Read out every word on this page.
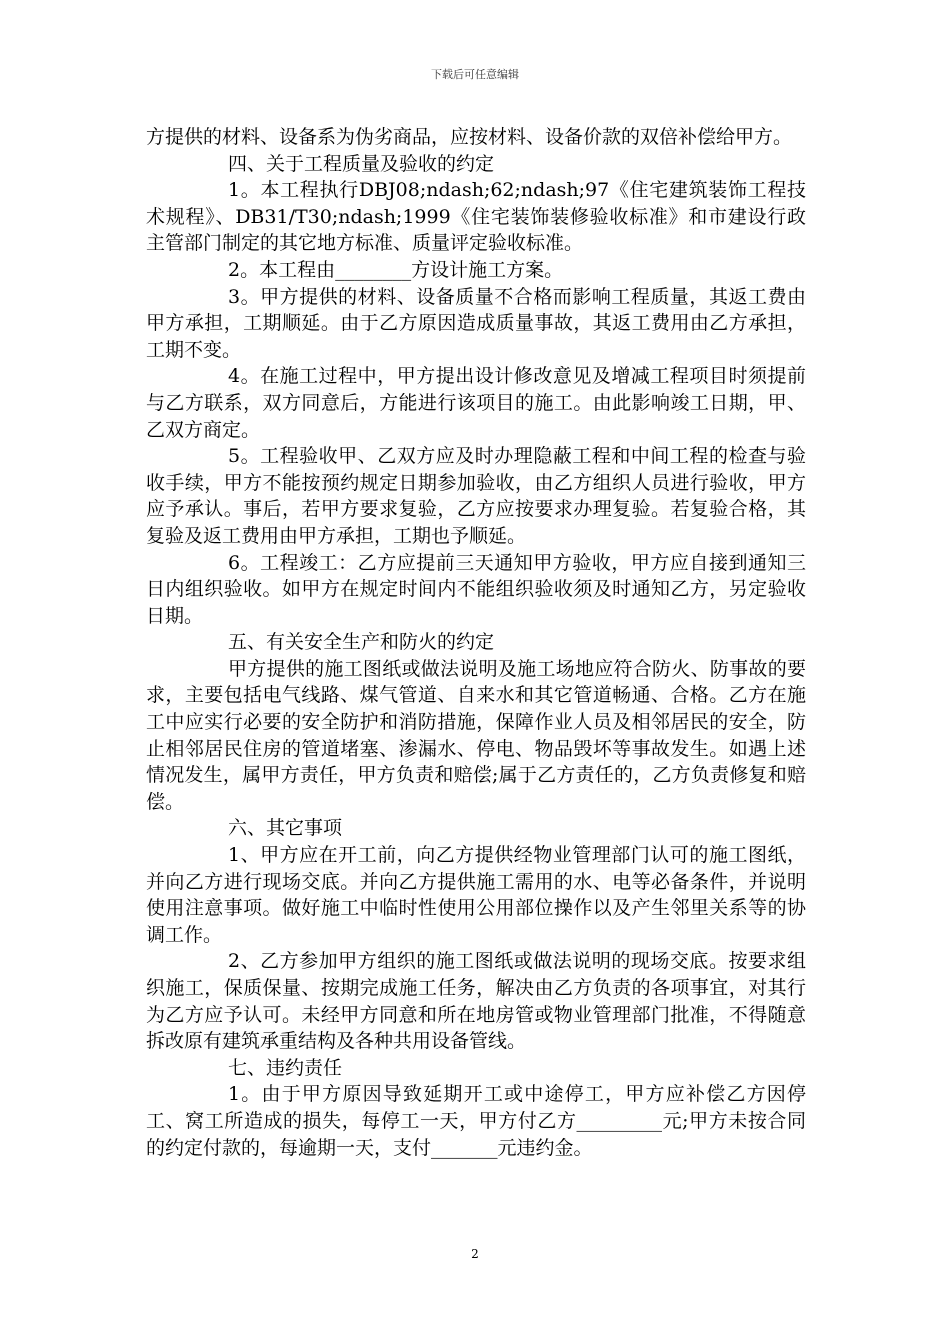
下载后可任意编辑

方提供的材料、设备系为伪劣商品，应按材料、设备价款的双倍补偿给甲方。

四、关于工程质量及验收的约定

1。本工程执行DBJ08;ndash;62;ndash;97《住宅建筑装饰工程技术规程》、DB31/T30;ndash;1999《住宅装饰装修验收标准》和市建设行政主管部门制定的其它地方标准、质量评定验收标准。

2。本工程由________方设计施工方案。

3。甲方提供的材料、设备质量不合格而影响工程质量，其返工费由甲方承担，工期顺延。由于乙方原因造成质量事故，其返工费用由乙方承担，工期不变。

4。在施工过程中，甲方提出设计修改意见及增减工程项目时须提前与乙方联系，双方同意后，方能进行该项目的施工。由此影响竣工日期，甲、乙双方商定。

5。工程验收甲、乙双方应及时办理隐蔽工程和中间工程的检查与验收手续，甲方不能按预约规定日期参加验收，由乙方组织人员进行验收，甲方应予承认。事后，若甲方要求复验，乙方应按要求办理复验。若复验合格，其复验及返工费用由甲方承担，工期也予顺延。

6。工程竣工：乙方应提前三天通知甲方验收，甲方应自接到通知三日内组织验收。如甲方在规定时间内不能组织验收须及时通知乙方，另定验收日期。

五、有关安全生产和防火的约定

甲方提供的施工图纸或做法说明及施工场地应符合防火、防事故的要求，主要包括电气线路、煤气管道、自来水和其它管道畅通、合格。乙方在施工中应实行必要的安全防护和消防措施，保障作业人员及相邻居民的安全，防止相邻居民住房的管道堵塞、渗漏水、停电、物品毁坏等事故发生。如遇上述情况发生，属甲方责任，甲方负责和赔偿;属于乙方责任的，乙方负责修复和赔偿。

六、其它事项

1、甲方应在开工前，向乙方提供经物业管理部门认可的施工图纸，并向乙方进行现场交底。并向乙方提供施工需用的水、电等必备条件，并说明使用注意事项。做好施工中临时性使用公用部位操作以及产生邻里关系等的协调工作。

2、乙方参加甲方组织的施工图纸或做法说明的现场交底。按要求组织施工，保质保量、按期完成施工任务，解决由乙方负责的各项事宜，对其行为乙方应予认可。未经甲方同意和所在地房管或物业管理部门批准，不得随意拆改原有建筑承重结构及各种共用设备管线。

七、违约责任

1。由于甲方原因导致延期开工或中途停工，甲方应补偿乙方因停工、窝工所造成的损失，每停工一天，甲方付乙方_________元;甲方未按合同的约定付款的，每逾期一天，支付_______元违约金。

2
